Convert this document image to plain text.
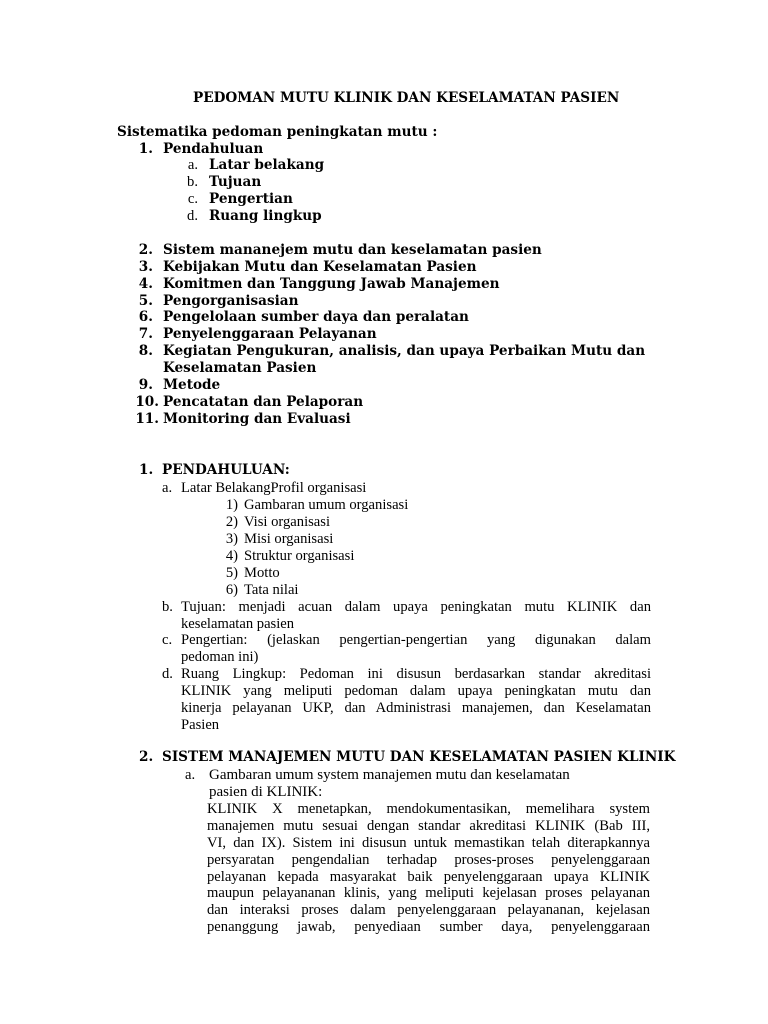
PEDOMAN MUTU KLINIK DAN KESELAMATAN PASIEN
Sistematika pedoman peningkatan mutu :
1. Pendahuluan
a. Latar belakang
b. Tujuan
c. Pengertian
d. Ruang lingkup
2. Sistem mananejem mutu dan keselamatan pasien
3. Kebijakan Mutu dan Keselamatan Pasien
4. Komitmen dan Tanggung Jawab Manajemen
5. Pengorganisasian
6. Pengelolaan sumber daya dan peralatan
7. Penyelenggaraan Pelayanan
8. Kegiatan Pengukuran, analisis, dan upaya Perbaikan Mutu dan
Keselamatan Pasien
9. Metode
10. Pencatatan dan Pelaporan
11. Monitoring dan Evaluasi
1. PENDAHULUAN:
a. Latar BelakangProfil organisasi
1) Gambaran umum organisasi
2) Visi organisasi
3) Misi organisasi
4) Struktur organisasi
5) Motto
6) Tata nilai
b. Tujuan: menjadi acuan dalam upaya peningkatan mutu KLINIK dan
keselamatan pasien
c. Pengertian: (jelaskan pengertian-pengertian yang digunakan dalam
pedoman ini)
d. Ruang Lingkup: Pedoman ini disusun berdasarkan standar akreditasi
KLINIK yang meliputi pedoman dalam upaya peningkatan mutu dan
kinerja pelayanan UKP, dan Administrasi manajemen, dan Keselamatan
Pasien
2. SISTEM MANAJEMEN MUTU DAN KESELAMATAN PASIEN KLINIK
a. Gambaran umum system manajemen mutu dan keselamatan
pasien di KLINIK:
KLINIK X menetapkan, mendokumentasikan, memelihara system
manajemen mutu sesuai dengan standar akreditasi KLINIK (Bab III,
VI, dan IX). Sistem ini disusun untuk memastikan telah diterapkannya
persyaratan pengendalian terhadap proses-proses penyelenggaraan
pelayanan kepada masyarakat baik penyelenggaraan upaya KLINIK
maupun pelayananan klinis, yang meliputi kejelasan proses pelayanan
dan interaksi proses dalam penyelenggaraan pelayananan, kejelasan
penanggung jawab, penyediaan sumber daya, penyelenggaraan
